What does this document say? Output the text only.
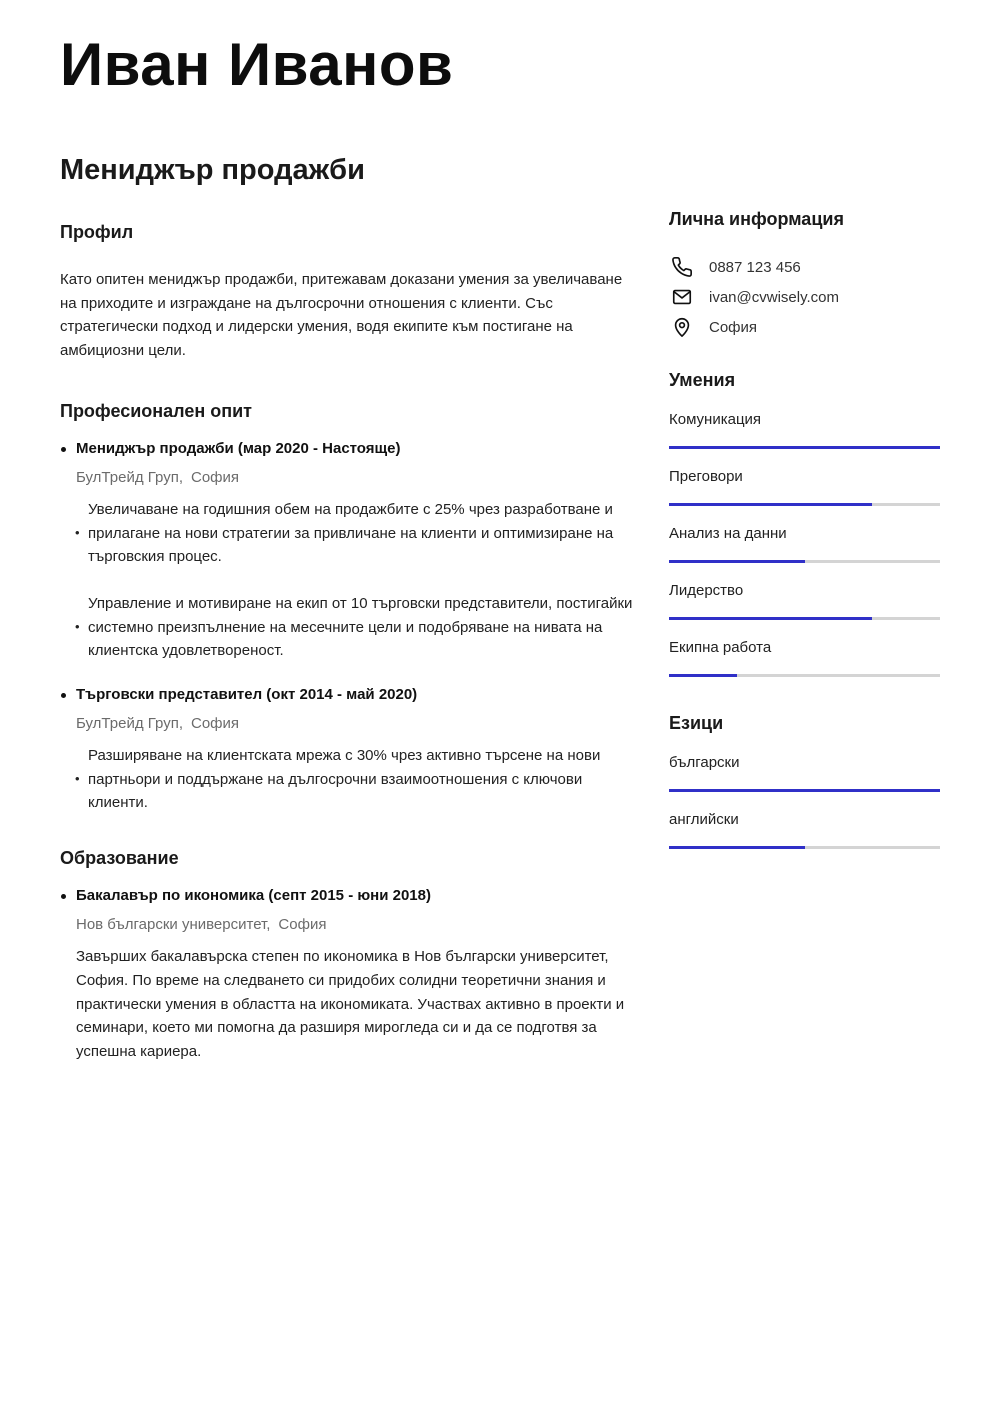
Иван Иванов
Мениджър продажби
Профил

Като опитен мениджър продажби, притежавам доказани умения за увеличаване на приходите и изграждане на дългосрочни отношения с клиенти. Със стратегически подход и лидерски умения, водя екипите към постигане на амбициозни цели.

Професионален опит
Мениджър продажби (мар 2020 - Настояще)
БулТрейд Груп, София
• Увеличаване на годишния обем на продажбите с 25% чрез разработване и прилагане на нови стратегии за привличане на клиенти и оптимизиране на търговския процес.
• Управление и мотивиране на екип от 10 търговски представители, постигайки системно преизпълнение на месечните цели и подобряване на нивата на клиентска удовлетвореност.
Търговски представител (окт 2014 - май 2020)
БулТрейд Груп, София
• Разширяване на клиентската мрежа с 30% чрез активно търсене на нови партньори и поддържане на дългосрочни взаимоотношения с ключови клиенти.
Образование
Бакалавър по икономика (септ 2015 - юни 2018)
Нов български университет, София
Завърших бакалавърска степен по икономика в Нов български университет, София. По време на следването си придобих солидни теоретични знания и практически умения в областта на икономиката. Участвах активно в проекти и семинари, което ми помогна да разширя мирогледа си и да се подготвя за успешна кариера.
Лична информация
0887 123 456
ivan@cvwisely.com
София
Умения
Комуникация
Преговори
Анализ на данни
Лидерство
Екипна работа
Езици
български
английски
